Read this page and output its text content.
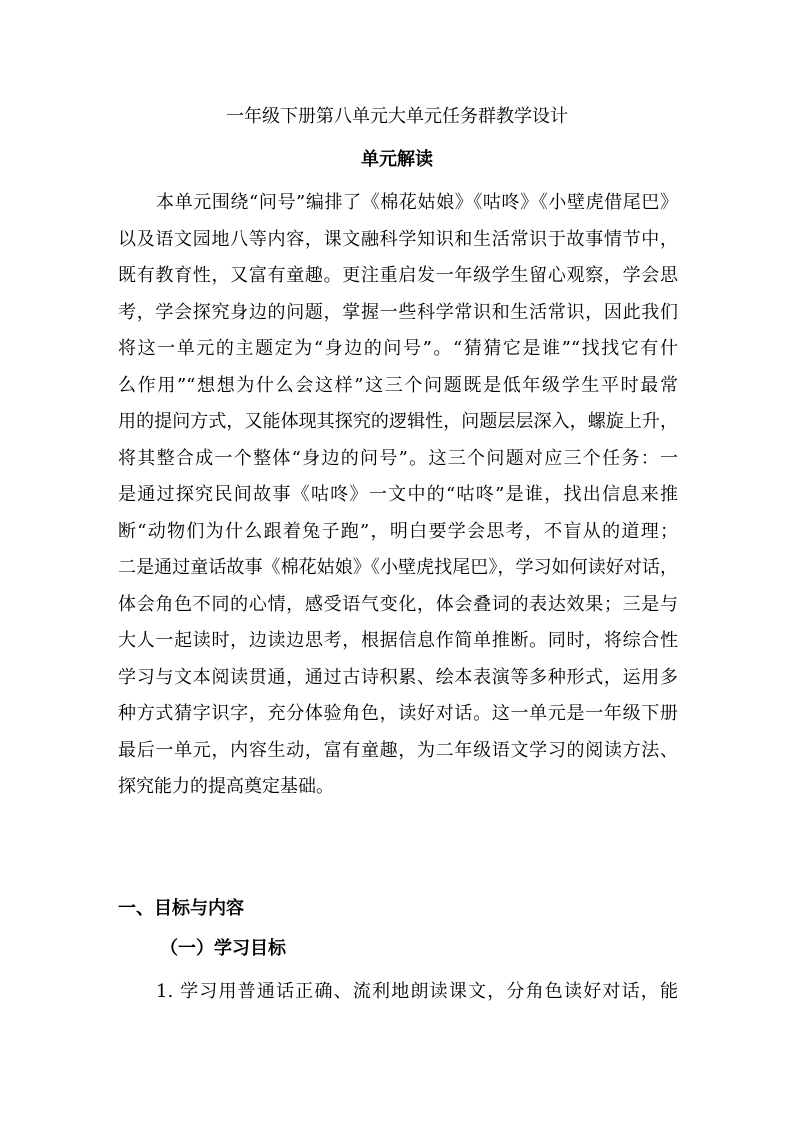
一年级下册第八单元大单元任务群教学设计
单元解读
本单元围绕“问号”编排了《棉花姑娘》《咕咚》《小壁虎借尾巴》
以及语文园地八等内容，课文融科学知识和生活常识于故事情节中，
既有教育性，又富有童趣。更注重启发一年级学生留心观察，学会思
考，学会探究身边的问题，掌握一些科学常识和生活常识，因此我们
将这一单元的主题定为“身边的问号”。“猜猜它是谁”“找找它有什
么作用”“想想为什么会这样”这三个问题既是低年级学生平时最常
用的提问方式，又能体现其探究的逻辑性，问题层层深入，螺旋上升，
将其整合成一个整体“身边的问号”。这三个问题对应三个任务：一
是通过探究民间故事《咕咚》一文中的“咕咚”是谁，找出信息来推
断“动物们为什么跟着兔子跑”，明白要学会思考，不盲从的道理；
二是通过童话故事《棉花姑娘》《小壁虎找尾巴》，学习如何读好对话，
体会角色不同的心情，感受语气变化，体会叠词的表达效果；三是与
大人一起读时，边读边思考，根据信息作简单推断。同时，将综合性
学习与文本阅读贯通，通过古诗积累、绘本表演等多种形式，运用多
种方式猜字识字，充分体验角色，读好对话。这一单元是一年级下册
最后一单元，内容生动，富有童趣，为二年级语文学习的阅读方法、
探究能力的提高奠定基础。
一、目标与内容
（一）学习目标
1. 学习用普通话正确、流利地朗读课文，分角色读好对话，能
